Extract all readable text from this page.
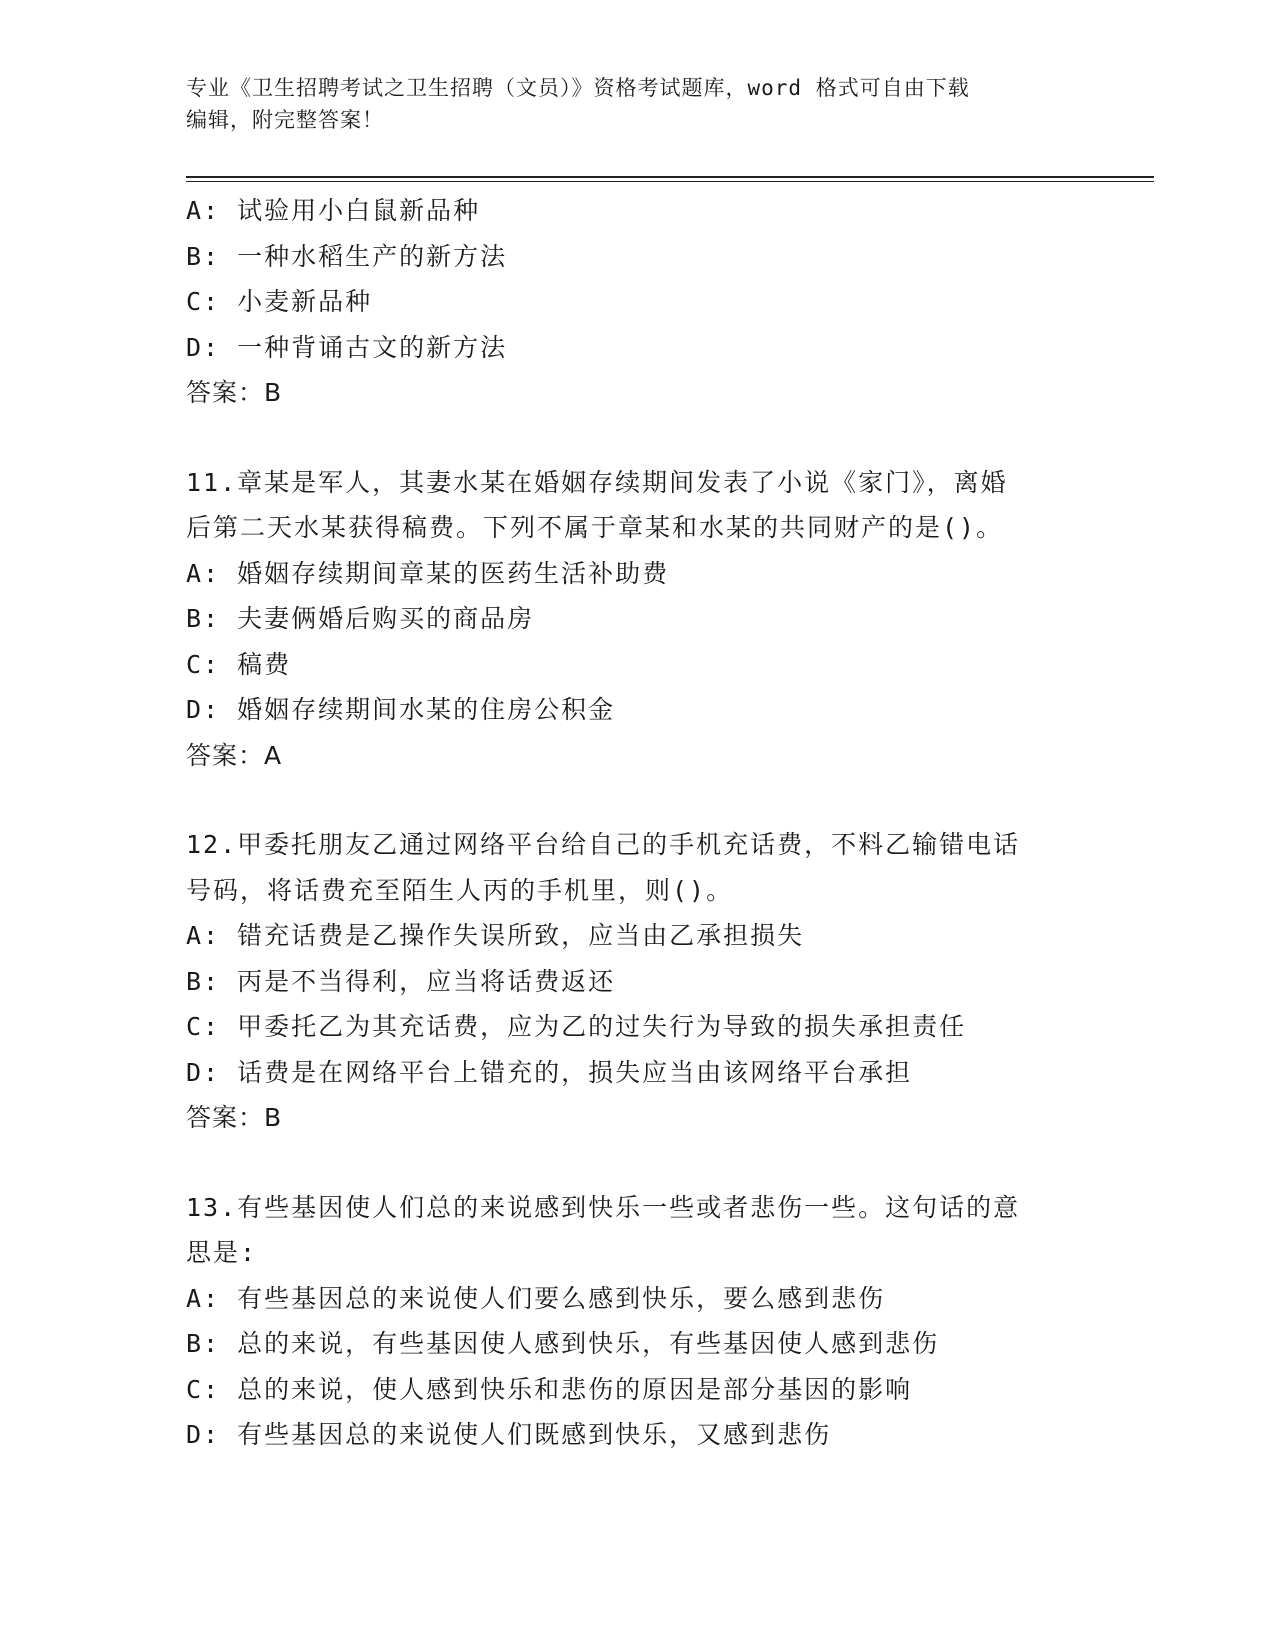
专业《卫生招聘考试之卫生招聘（文员）》资格考试题库，word 格式可自由下载
编辑，附完整答案！
A: 试验用小白鼠新品种
B: 一种水稻生产的新方法
C: 小麦新品种
D: 一种背诵古文的新方法
答案：B
11.章某是军人，其妻水某在婚姻存续期间发表了小说《家门》，离婚
后第二天水某获得稿费。下列不属于章某和水某的共同财产的是()。
A: 婚姻存续期间章某的医药生活补助费
B: 夫妻俩婚后购买的商品房
C: 稿费
D: 婚姻存续期间水某的住房公积金
答案：A
12.甲委托朋友乙通过网络平台给自己的手机充话费，不料乙输错电话
号码，将话费充至陌生人丙的手机里，则()。
A: 错充话费是乙操作失误所致，应当由乙承担损失
B: 丙是不当得利，应当将话费返还
C: 甲委托乙为其充话费，应为乙的过失行为导致的损失承担责任
D: 话费是在网络平台上错充的，损失应当由该网络平台承担
答案：B
13.有些基因使人们总的来说感到快乐一些或者悲伤一些。这句话的意
思是:
A: 有些基因总的来说使人们要么感到快乐，要么感到悲伤
B: 总的来说，有些基因使人感到快乐，有些基因使人感到悲伤
C: 总的来说，使人感到快乐和悲伤的原因是部分基因的影响
D: 有些基因总的来说使人们既感到快乐，又感到悲伤
